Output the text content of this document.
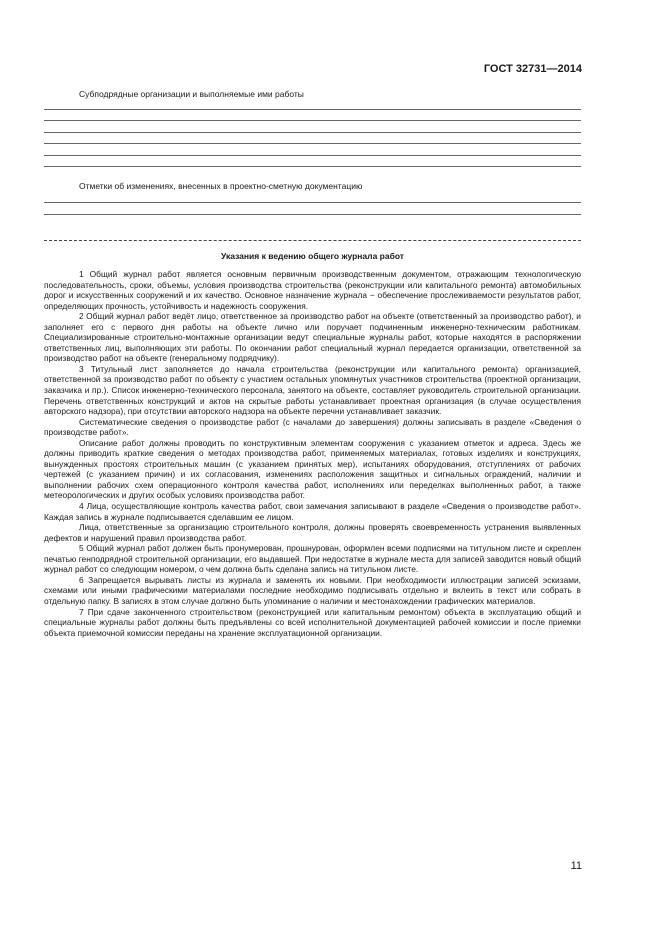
ГОСТ 32731—2014
Субподрядные организации и выполняемые ими работы
Отметки об изменениях, внесенных в проектно-сметную документацию
Указания к ведению общего журнала работ

1 Общий журнал работ является основным первичным производственным документом, отражающим технологическую последовательность, сроки, объемы, условия производства строительства (реконструкции или капитального ремонта) автомобильных дорог и искусственных сооружений и их качество. Основное назначение журнала − обеспечение прослеживаемости результатов работ, определяющих прочность, устойчивость и надежность сооружения.

2 Общий журнал работ ведёт лицо, ответственное за производство работ на объекте (ответственный за производство работ), и заполняет его с первого дня работы на объекте лично или поручает подчиненным инженерно-техническим работникам. Специализированные строительно-монтажные организации ведут специальные журналы работ, которые находятся в распоряжении ответственных лиц, выполняющих эти работы. По окончании работ специальный журнал передается организации, ответственной за производство работ на объекте (генеральному подрядчику).

3 Титульный лист заполняется до начала строительства (реконструкции или капитального ремонта) организацией, ответственной за производство работ по объекту с участием остальных упомянутых участников строительства (проектной организации, заказчика и пр.). Список инженерно-технического персонала, занятого на объекте, составляет руководитель строительной организации. Перечень ответственных конструкций и актов на скрытые работы устанавливает проектная организация (в случае осуществления авторского надзора), при отсутствии авторского надзора на объекте перечни устанавливает заказчик.

Систематические сведения о производстве работ (с началами до завершения) должны записывать в разделе «Сведения о производстве работ».

Описание работ должны проводить по конструктивным элементам сооружения с указанием отметок и адреса. Здесь же должны приводить краткие сведения о методах производства работ, применяемых материалах, готовых изделиях и конструкциях, вынужденных простоях строительных машин (с указанием принятых мер), испытаниях оборудования, отступлениях от рабочих чертежей (с указанием причин) и их согласования, изменениях расположения защитных и сигнальных ограждений, наличии и выполнении рабочих схем операционного контроля качества работ, исполнениях или переделках выполненных работ, а также метеорологических и других особых условиях производства работ.

4 Лица, осуществляющие контроль качества работ, свои замечания записывают в разделе «Сведения о производстве работ». Каждая запись в журнале подписывается сделавшим ее лицом.

Лица, ответственные за организацию строительного контроля, должны проверять своевременность устранения выявленных дефектов и нарушений правил производства работ.

5 Общий журнал работ должен быть пронумерован, прошнурован, оформлен всеми подписями на титульном листе и скреплен печатью генподрядной строительной организации, его выдавшей. При недостатке в журнале места для записей заводится новый общий журнал работ со следующим номером, о чем должна быть сделана запись на титульном листе.

6 Запрещается вырывать листы из журнала и заменять их новыми. При необходимости иллюстрации записей эскизами, схемами или иными графическими материалами последние необходимо подписывать отдельно и вклеить в текст или собрать в отдельную папку. В записях в этом случае должно быть упоминание о наличии и местонахождении графических материалов.

7 При сдаче законченного строительством (реконструкцией или капитальным ремонтом) объекта в эксплуатацию общий и специальные журналы работ должны быть предъявлены со всей исполнительной документацией рабочей комиссии и после приемки объекта приемочной комиссии переданы на хранение эксплуатационной организации.

11
